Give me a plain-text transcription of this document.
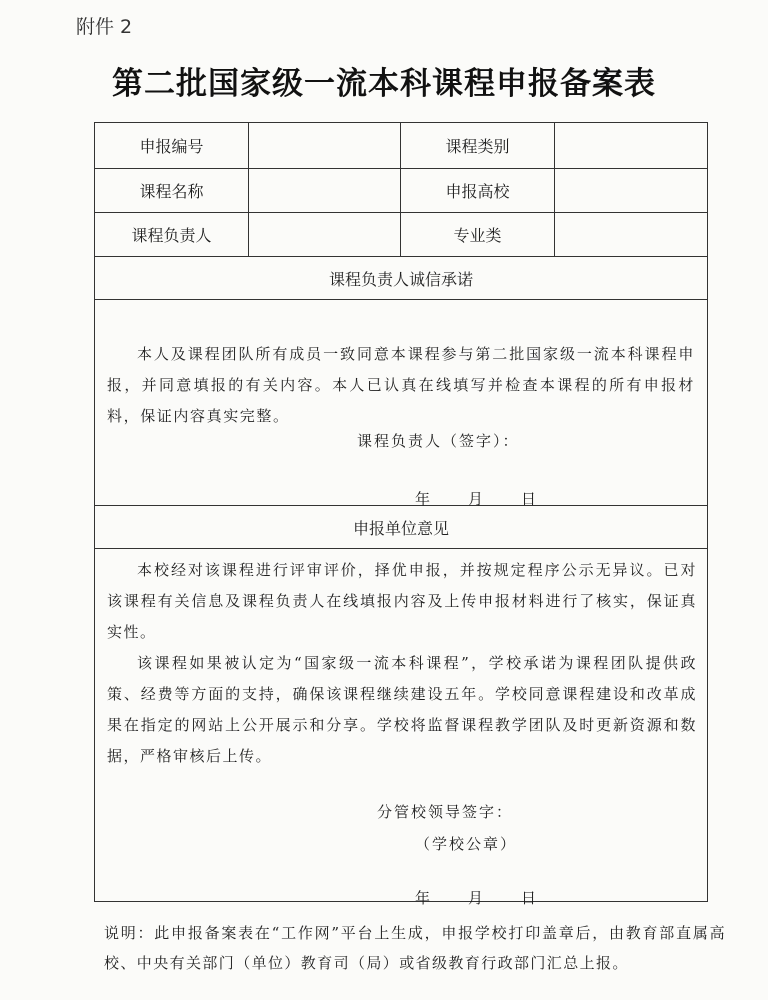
附件 2
第二批国家级一流本科课程申报备案表
申报编号	课程类别
课程名称	申报高校
课程负责人	专业类
课程负责人诚信承诺

本人及课程团队所有成员一致同意本课程参与第二批国家级一流本科课程申报，并同意填报的有关内容。本人已认真在线填写并检查本课程的所有申报材料，保证内容真实完整。

课程负责人（签字）：
年	月	日
申报单位意见

本校经对该课程进行评审评价，择优申报，并按规定程序公示无异议。已对该课程有关信息及课程负责人在线填报内容及上传申报材料进行了核实，保证真实性。

该课程如果被认定为“国家级一流本科课程”，学校承诺为课程团队提供政策、经费等方面的支持，确保该课程继续建设五年。学校同意课程建设和改革成果在指定的网站上公开展示和分享。学校将监督课程教学团队及时更新资源和数据，严格审核后上传。

分管校领导签字：
（学校公章）
年	月	日
说明：此申报备案表在“工作网”平台上生成，申报学校打印盖章后，由教育部直属高校、中央有关部门（单位）教育司（局）或省级教育行政部门汇总上报。
